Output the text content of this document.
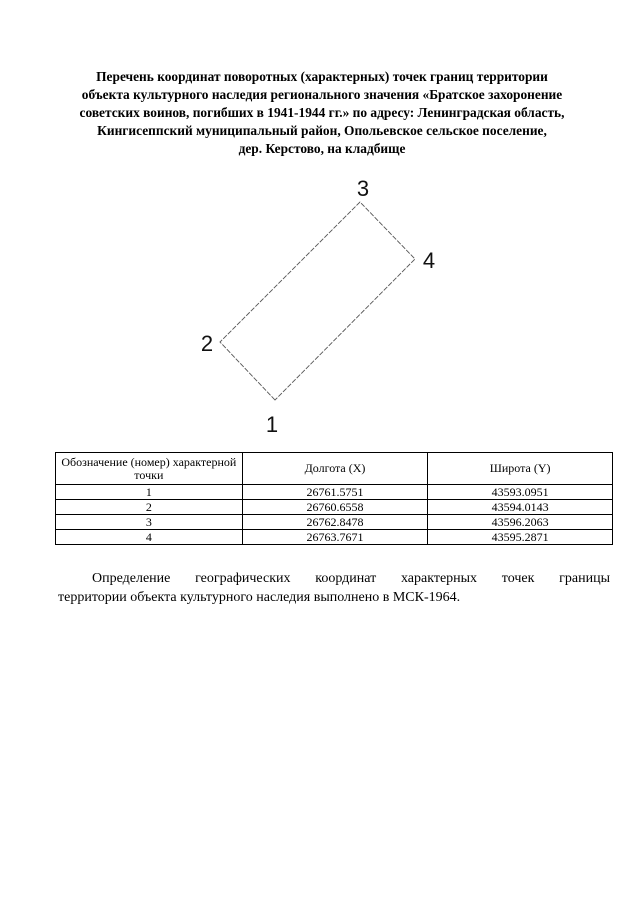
Перечень координат поворотных (характерных) точек границ территории
объекта культурного наследия регионального значения «Братское захоронение
советских воинов, погибших в 1941-1944 гг.» по адресу: Ленинградская область,
Кингисеппский муниципальный район, Опольевское сельское поселение,
дер. Керстово, на кладбище
1
2
3
4
Обозначение (номер) характерной точки	Долгота (X)	Широта (Y)
1	26761.5751	43593.0951
2	26760.6558	43594.0143
3	26762.8478	43596.2063
4	26763.7671	43595.2871
Определение географических координат характерных точек границы
территории объекта культурного наследия выполнено в МСК-1964.
